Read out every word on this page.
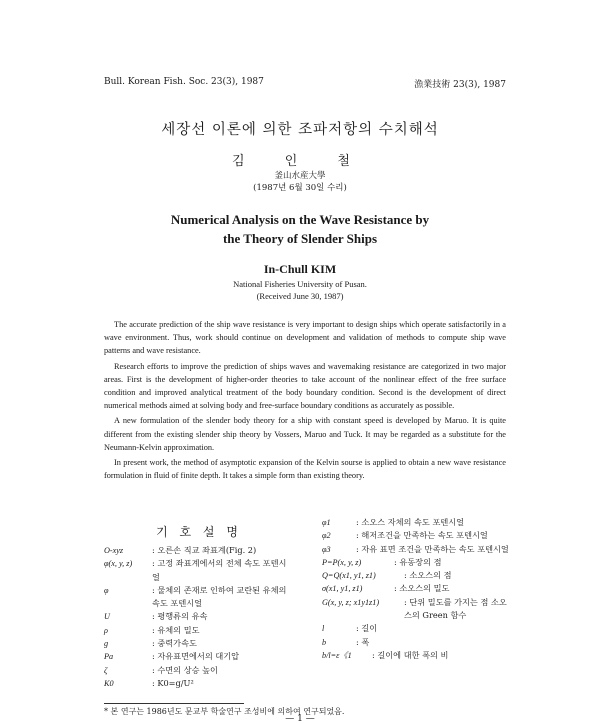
Bull. Korean Fish. Soc. 23(3), 1987	漁業技術 23(3), 1987
세장선 이론에 의한 조파저항의 수치해석
김 인 철
釜山水産大學
(1987년 6월 30일 수리)
Numerical Analysis on the Wave Resistance by
the Theory of Slender Ships
In-Chull KIM
National Fisheries University of Pusan.
(Received June 30, 1987)

The accurate prediction of the ship wave resistance is very important to design ships which operate satisfactorily in a wave environment. Thus, work should continue on development and validation of methods to compute ship wave patterns and wave resistance.

Research efforts to improve the prediction of ships waves and wavemaking resistance are categorized in two major areas. First is the development of higher-order theories to take account of the nonlinear effect of the free surface condition and improved analytical treatment of the body boundary condition. Second is the development of direct numerical methods aimed at solving body and free-surface boundary conditions as accurately as possible.

A new formulation of the slender body theory for a ship with constant speed is developed by Maruo. It is quite different from the existing slender ship theory by Vossers, Maruo and Tuck. It may be regarded as a substitute for the Neumann-Kelvin approximation.

In present work, the method of asymptotic expansion of the Kelvin sourse is applied to obtain a new wave resistance formulation in fluid of finite depth. It takes a simple form than existing theory.

기 호 설 명
O-xyz	: 오른손 직교 좌표계(Fig. 2)
φ(x, y, z)	: 고정 좌표계에서의 전체 속도 포텐시얼
φ	: 물체의 존재로 인하여 교란된 유체의 속도 포텐시얼
U	: 평행류의 유속
ρ	: 유체의 밀도
g	: 중력가속도
Pa	: 자유표면에서의 대기압
ζ	: 수면의 상승 높이
K0	: K0=g/U²
φ1	: 소오스 자체의 속도 포텐시얼
φ2	: 해저조건을 만족하는 속도 포텐시얼
φ3	: 자유 표면 조건을 만족하는 속도 포텐시얼
P=P(x, y, z)	: 유동장의 점
Q=Q(x1, y1, z1)	: 소오스의 점
σ(x1, y1, z1)	: 소오스의 밀도
G(x, y, z; x1y1z1)	: 단위 밀도를 가지는 점 소오스의 Green 함수
l	: 길이
b	: 폭
b/l=ε《1	: 길이에 대한 폭의 비
* 본 연구는 1986년도 문교부 학술연구 조성비에 의하여 연구되었음.
— 1 —
